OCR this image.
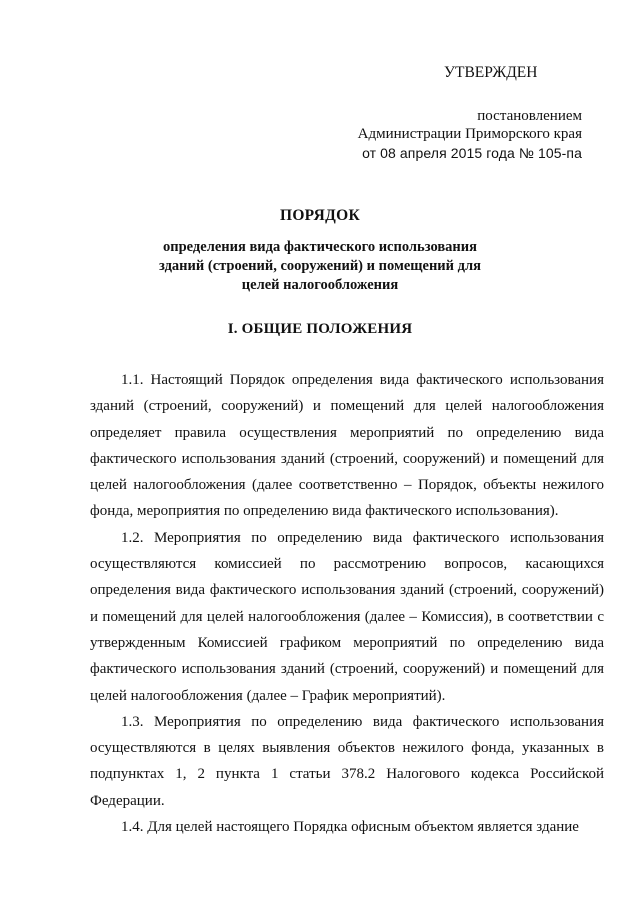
УТВЕРЖДЕН
постановлением
Администрации Приморского края
от 08 апреля 2015 года № 105-па

ПОРЯДОК

определения вида фактического использования
зданий (строений, сооружений) и помещений для
целей налогообложения

I. ОБЩИЕ ПОЛОЖЕНИЯ

1.1. Настоящий Порядок определения вида фактического использования зданий (строений, сооружений) и помещений для целей налогообложения определяет правила осуществления мероприятий по определению вида фактического использования зданий (строений, сооружений) и помещений для целей налогообложения (далее соответственно – Порядок, объекты нежилого фонда, мероприятия по определению вида фактического использования).

1.2. Мероприятия по определению вида фактического использования осуществляются комиссией по рассмотрению вопросов, касающихся определения вида фактического использования зданий (строений, сооружений) и помещений для целей налогообложения (далее – Комиссия), в соответствии с утвержденным Комиссией графиком мероприятий по определению вида фактического использования зданий (строений, сооружений) и помещений для целей налогообложения (далее – График мероприятий).

1.3. Мероприятия по определению вида фактического использования осуществляются в целях выявления объектов нежилого фонда, указанных в подпунктах 1, 2 пункта 1 статьи 378.2 Налогового кодекса Российской Федерации.

1.4. Для целей настоящего Порядка офисным объектом является здание
